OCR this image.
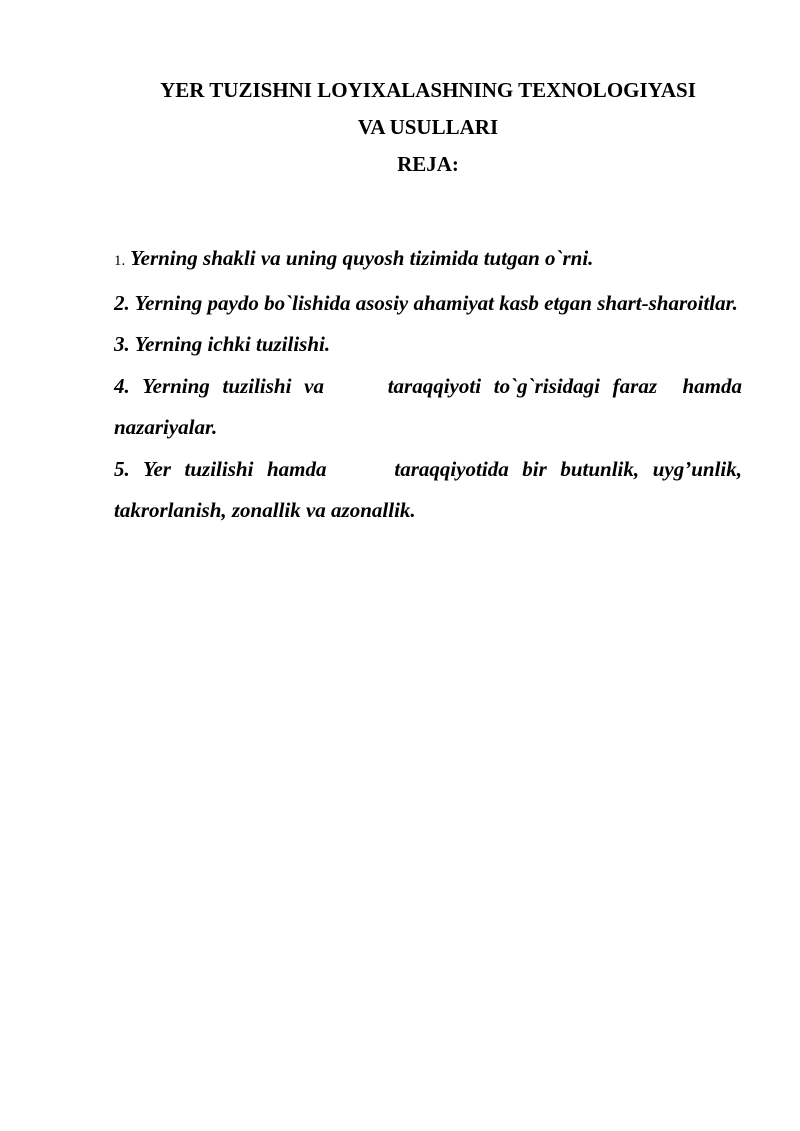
YER TUZISHNI LOYIXALASHNING TEXNOLOGIYASI

VA USULLARI

REJA:

1. Yerning shakli va uning quyosh tizimida tutgan o`rni.
2. Yerning paydo bo`lishida asosiy ahamiyat kasb etgan shart-sharoitlar.
3. Yerning ichki tuzilishi.
4. Yerning tuzilishi va     taraqqiyoti to`g`risidagi faraz  hamda nazariyalar.
5. Yer tuzilishi hamda     taraqqiyotida bir butunlik, uyg’unlik, takrorlanish, zonallik va azonallik.
